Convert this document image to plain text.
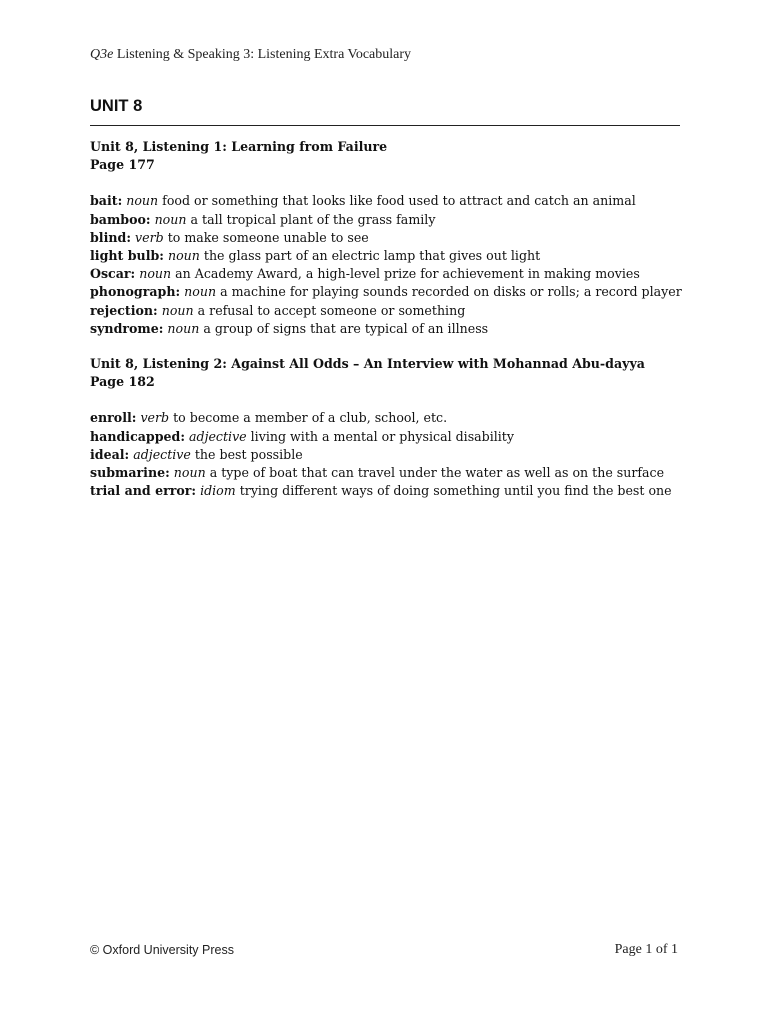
Q3e Listening & Speaking 3: Listening Extra Vocabulary
UNIT 8
Unit 8, Listening 1: Learning from Failure
Page 177
bait: noun food or something that looks like food used to attract and catch an animal
bamboo: noun a tall tropical plant of the grass family
blind: verb to make someone unable to see
light bulb: noun the glass part of an electric lamp that gives out light
Oscar: noun an Academy Award, a high-level prize for achievement in making movies
phonograph: noun a machine for playing sounds recorded on disks or rolls; a record player
rejection: noun a refusal to accept someone or something
syndrome: noun a group of signs that are typical of an illness
Unit 8, Listening 2: Against All Odds – An Interview with Mohannad Abu-dayya
Page 182
enroll: verb to become a member of a club, school, etc.
handicapped: adjective living with a mental or physical disability
ideal: adjective the best possible
submarine: noun a type of boat that can travel under the water as well as on the surface
trial and error: idiom trying different ways of doing something until you find the best one
© Oxford University Press	Page 1 of 1
